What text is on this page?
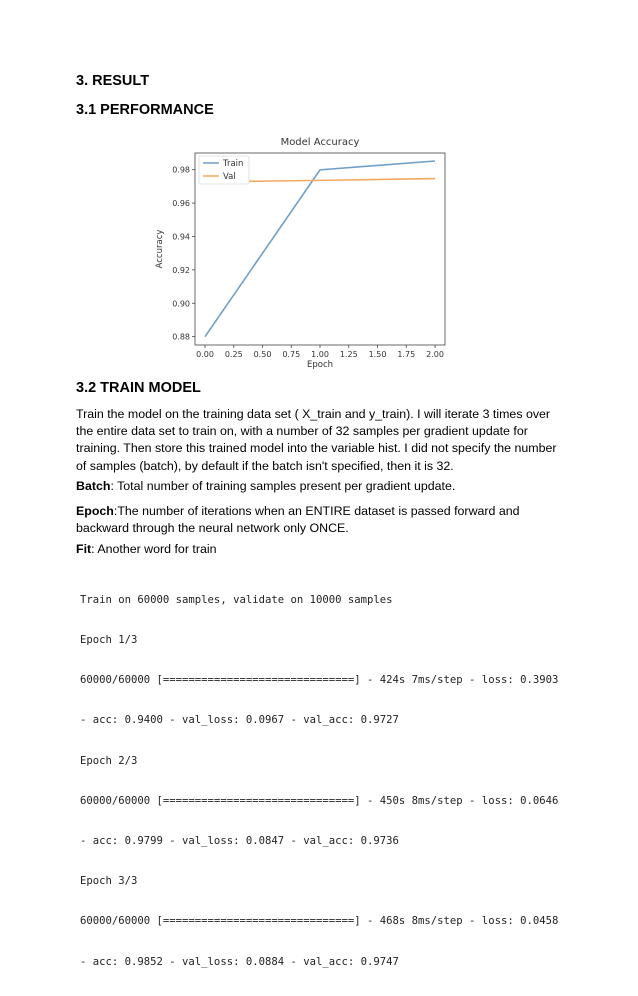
3. RESULT
3.1 PERFORMANCE
Model Accuracy
0.00 0.25 0.50 0.75 1.00 1.25 1.50 1.75 2.00
0.88
0.90
0.92
0.94
0.96
0.98
Train
Val
Epoch
Accuracy
3.2 TRAIN MODEL

Train the model on the training data set ( X_train and y_train). I will iterate 3 times over the entire data set to train on, with a number of 32 samples per gradient update for training. Then store this trained model into the variable hist. I did not specify the number of samples (batch), by default if the batch isn't specified, then it is 32.

Batch: Total number of training samples present per gradient update.

Epoch:The number of iterations when an ENTIRE dataset is passed forward and backward through the neural network only ONCE.

Fit: Another word for train

Train on 60000 samples, validate on 10000 samples

Epoch 1/3

60000/60000 [==============================] - 424s 7ms/step - loss: 0.3903

- acc: 0.9400 - val_loss: 0.0967 - val_acc: 0.9727

Epoch 2/3

60000/60000 [==============================] - 450s 8ms/step - loss: 0.0646

- acc: 0.9799 - val_loss: 0.0847 - val_acc: 0.9736

Epoch 3/3

60000/60000 [==============================] - 468s 8ms/step - loss: 0.0458

- acc: 0.9852 - val_loss: 0.0884 - val_acc: 0.9747
